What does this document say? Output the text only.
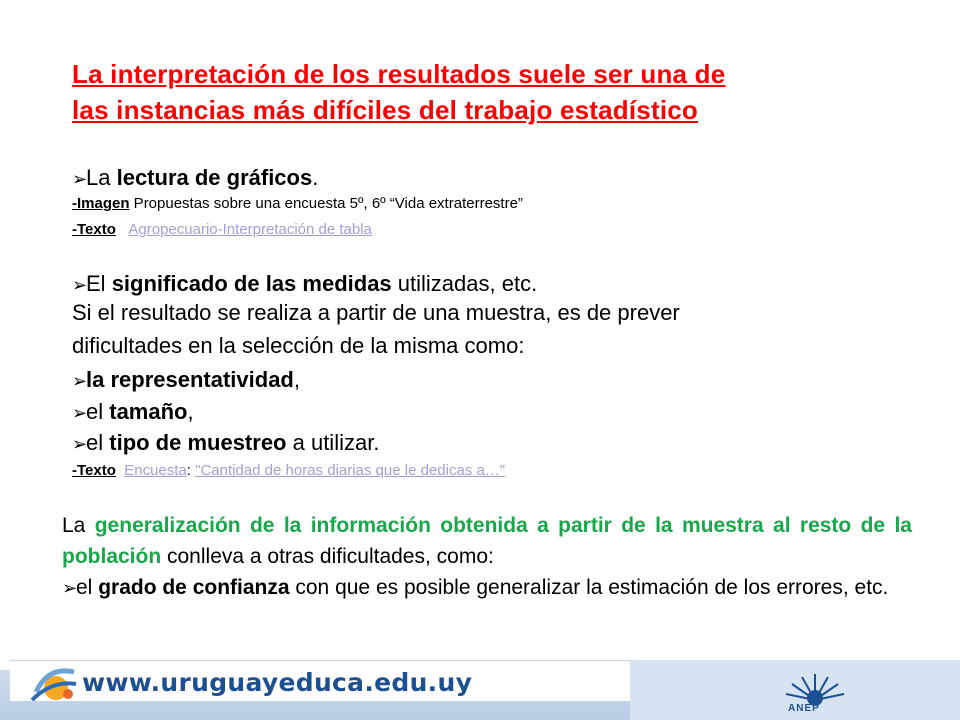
La interpretación de los resultados suele ser una de
las instancias más difíciles del trabajo estadístico
➢La lectura de gráficos.
-Imagen Propuestas sobre una encuesta 5º, 6º “Vida extraterrestre”
-Texto Agropecuario-Interpretación de tabla
➢El significado de las medidas utilizadas, etc.
Si el resultado se realiza a partir de una muestra, es de prever
dificultades en la selección de la misma como:
➢la representatividad,
➢el tamaño,
➢el tipo de muestreo a utilizar.
-Texto Encuesta: "Cantidad de horas diarias que le dedicas a…"
La generalización de la información obtenida a partir de la muestra al resto de la población conlleva a otras dificultades, como:
➢el grado de confianza con que es posible generalizar la estimación de los errores, etc.
www.uruguayeduca.edu.uy
ANEP
